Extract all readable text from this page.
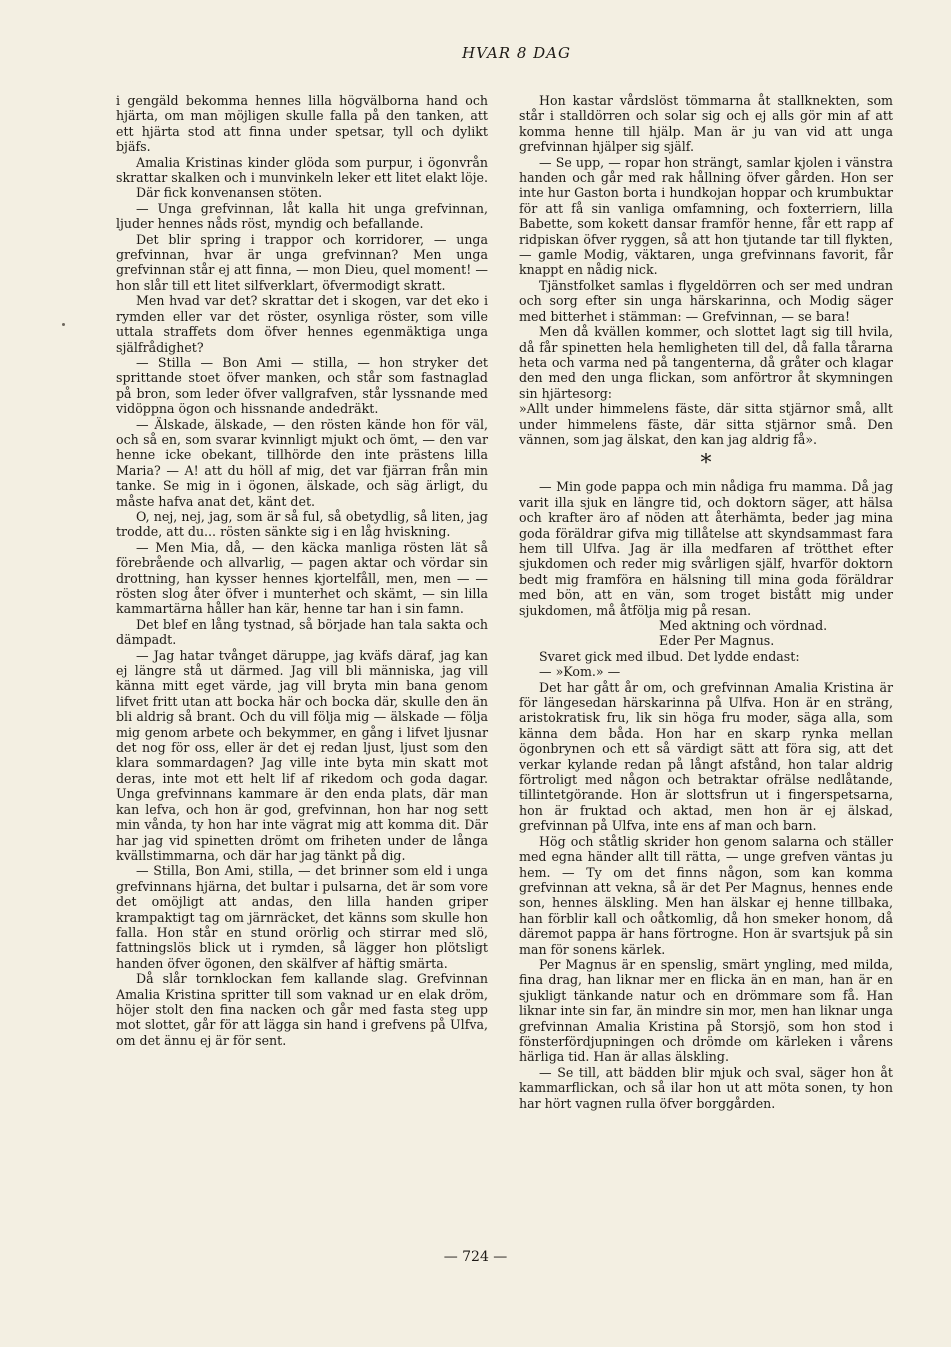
HVAR 8 DAG

i gengäld bekomma hennes lilla högvälborna hand och hjärta, om man möjligen skulle falla på den tanken, att ett hjärta stod att finna under spetsar, tyll och dylikt bjäfs.

Amalia Kristinas kinder glöda som purpur, i ögonvrån skrattar skalken och i munvinkeln leker ett litet elakt löje.

Där fick konvenansen stöten.

— Unga grefvinnan, låt kalla hit unga grefvinnan, ljuder hennes nåds röst, myndig och befallande.

Det blir spring i trappor och korridorer, — unga grefvinnan, hvar är unga grefvinnan? Men unga grefvinnan står ej att finna, — mon Dieu, quel moment! — hon slår till ett litet silfverklart, öfvermodigt skratt.

Men hvad var det? skrattar det i skogen, var det eko i rymden eller var det röster, osynliga röster, som ville uttala straffets dom öfver hennes egenmäktiga unga själfrådighet?

— Stilla — Bon Ami — stilla, — hon stryker det sprittande stoet öfver manken, och står som fastnaglad på bron, som leder öfver vallgrafven, står lyssnande med vidöppna ögon och hissnande andedräkt.

— Älskade, älskade, — den rösten kände hon för väl, och så en, som svarar kvinnligt mjukt och ömt, — den var henne icke obekant, tillhörde den inte prästens lilla Maria? — A! att du höll af mig, det var fjärran från min tanke. Se mig in i ögonen, älskade, och säg ärligt, du måste hafva anat det, känt det.

O, nej, nej, jag, som är så ful, så obetydlig, så liten, jag trodde, att du... rösten sänkte sig i en låg hviskning.

— Men Mia, då, — den käcka manliga rösten lät så förebrående och allvarlig, — pagen aktar och vördar sin drottning, han kysser hennes kjortelfåll, men, men — — rösten slog åter öfver i munterhet och skämt, — sin lilla kammartärna håller han kär, henne tar han i sin famn.

Det blef en lång tystnad, så började han tala sakta och dämpadt.

— Jag hatar tvånget däruppe, jag kväfs däraf, jag kan ej längre stå ut därmed. Jag vill bli människa, jag vill känna mitt eget värde, jag vill bryta min bana genom lifvet fritt utan att bocka här och bocka där, skulle den än bli aldrig så brant. Och du vill följa mig — älskade — följa mig genom arbete och bekymmer, en gång i lifvet ljusnar det nog för oss, eller är det ej redan ljust, ljust som den klara sommardagen? Jag ville inte byta min skatt mot deras, inte mot ett helt lif af rikedom och goda dagar. Unga grefvinnans kammare är den enda plats, där man kan lefva, och hon är god, grefvinnan, hon har nog sett min vånda, ty hon har inte vägrat mig att komma dit. Där har jag vid spinetten drömt om friheten under de långa kvällstimmarna, och där har jag tänkt på dig.

— Stilla, Bon Ami, stilla, — det brinner som eld i unga grefvinnans hjärna, det bultar i pulsarna, det är som vore det omöjligt att andas, den lilla handen griper krampaktigt tag om järnräcket, det känns som skulle hon falla. Hon står en stund orörlig och stirrar med slö, fattningslös blick ut i rymden, så lägger hon plötsligt handen öfver ögonen, den skälfver af häftig smärta.

Då slår tornklockan fem kallande slag. Grefvinnan Amalia Kristina spritter till som vaknad ur en elak dröm, höjer stolt den fina nacken och går med fasta steg upp mot slottet, går för att lägga sin hand i grefvens på Ulfva, om det ännu ej är för sent.

Hon kastar vårdslöst tömmarna åt stallknekten, som står i stalldörren och solar sig och ej alls gör min af att komma henne till hjälp. Man är ju van vid att unga grefvinnan hjälper sig själf.

— Se upp, — ropar hon strängt, samlar kjolen i vänstra handen och går med rak hållning öfver gården. Hon ser inte hur Gaston borta i hundkojan hoppar och krumbuktar för att få sin vanliga omfamning, och foxterriern, lilla Babette, som kokett dansar framför henne, får ett rapp af ridpiskan öfver ryggen, så att hon tjutande tar till flykten, — gamle Modig, väktaren, unga grefvinnans favorit, får knappt en nådig nick.

Tjänstfolket samlas i flygeldörren och ser med undran och sorg efter sin unga härskarinna, och Modig säger med bitterhet i stämman: — Grefvinnan, — se bara!

Men då kvällen kommer, och slottet lagt sig till hvila, då får spinetten hela hemligheten till del, då falla tårarna heta och varma ned på tangenterna, då gråter och klagar den med den unga flickan, som anförtror åt skymningen sin hjärtesorg:

»Allt under himmelens fäste, där sitta stjärnor små, allt under himmelens fäste, där sitta stjärnor små. Den vännen, som jag älskat, den kan jag aldrig få».

*

— Min gode pappa och min nådiga fru mamma. Då jag varit illa sjuk en längre tid, och doktorn säger, att hälsa och krafter äro af nöden att återhämta, beder jag mina goda föräldrar gifva mig tillåtelse att skyndsammast fara hem till Ulfva. Jag är illa medfaren af trötthet efter sjukdomen och reder mig svårligen själf, hvarför doktorn bedt mig framföra en hälsning till mina goda föräldrar med bön, att en vän, som troget bistått mig under sjukdomen, må åtfölja mig på resan.

Med aktning och vördnad.

Eder Per Magnus.

Svaret gick med ilbud. Det lydde endast:

— »Kom.» —

Det har gått år om, och grefvinnan Amalia Kristina är för längesedan härskarinna på Ulfva. Hon är en sträng, aristokratisk fru, lik sin höga fru moder, säga alla, som känna dem båda. Hon har en skarp rynka mellan ögonbrynen och ett så värdigt sätt att föra sig, att det verkar kylande redan på långt afstånd, hon talar aldrig förtroligt med någon och betraktar ofrälse nedlåtande, tillintetgörande. Hon är slottsfrun ut i fingerspetsarna, hon är fruktad och aktad, men hon är ej älskad, grefvinnan på Ulfva, inte ens af man och barn.

Hög och ståtlig skrider hon genom salarna och ställer med egna händer allt till rätta, — unge grefven väntas ju hem. — Ty om det finns någon, som kan komma grefvinnan att vekna, så är det Per Magnus, hennes ende son, hennes älskling. Men han älskar ej henne tillbaka, han förblir kall och oåtkomlig, då hon smeker honom, då däremot pappa är hans förtrogne. Hon är svartsjuk på sin man för sonens kärlek.

Per Magnus är en spenslig, smärt yngling, med milda, fina drag, han liknar mer en flicka än en man, han är en sjukligt tänkande natur och en drömmare som få. Han liknar inte sin far, än mindre sin mor, men han liknar unga grefvinnan Amalia Kristina på Storsjö, som hon stod i fönsterfördjupningen och drömde om kärleken i vårens härliga tid. Han är allas älskling.

— Se till, att bädden blir mjuk och sval, säger hon åt kammarflickan, och så ilar hon ut att möta sonen, ty hon har hört vagnen rulla öfver borggården.

— 724 —
